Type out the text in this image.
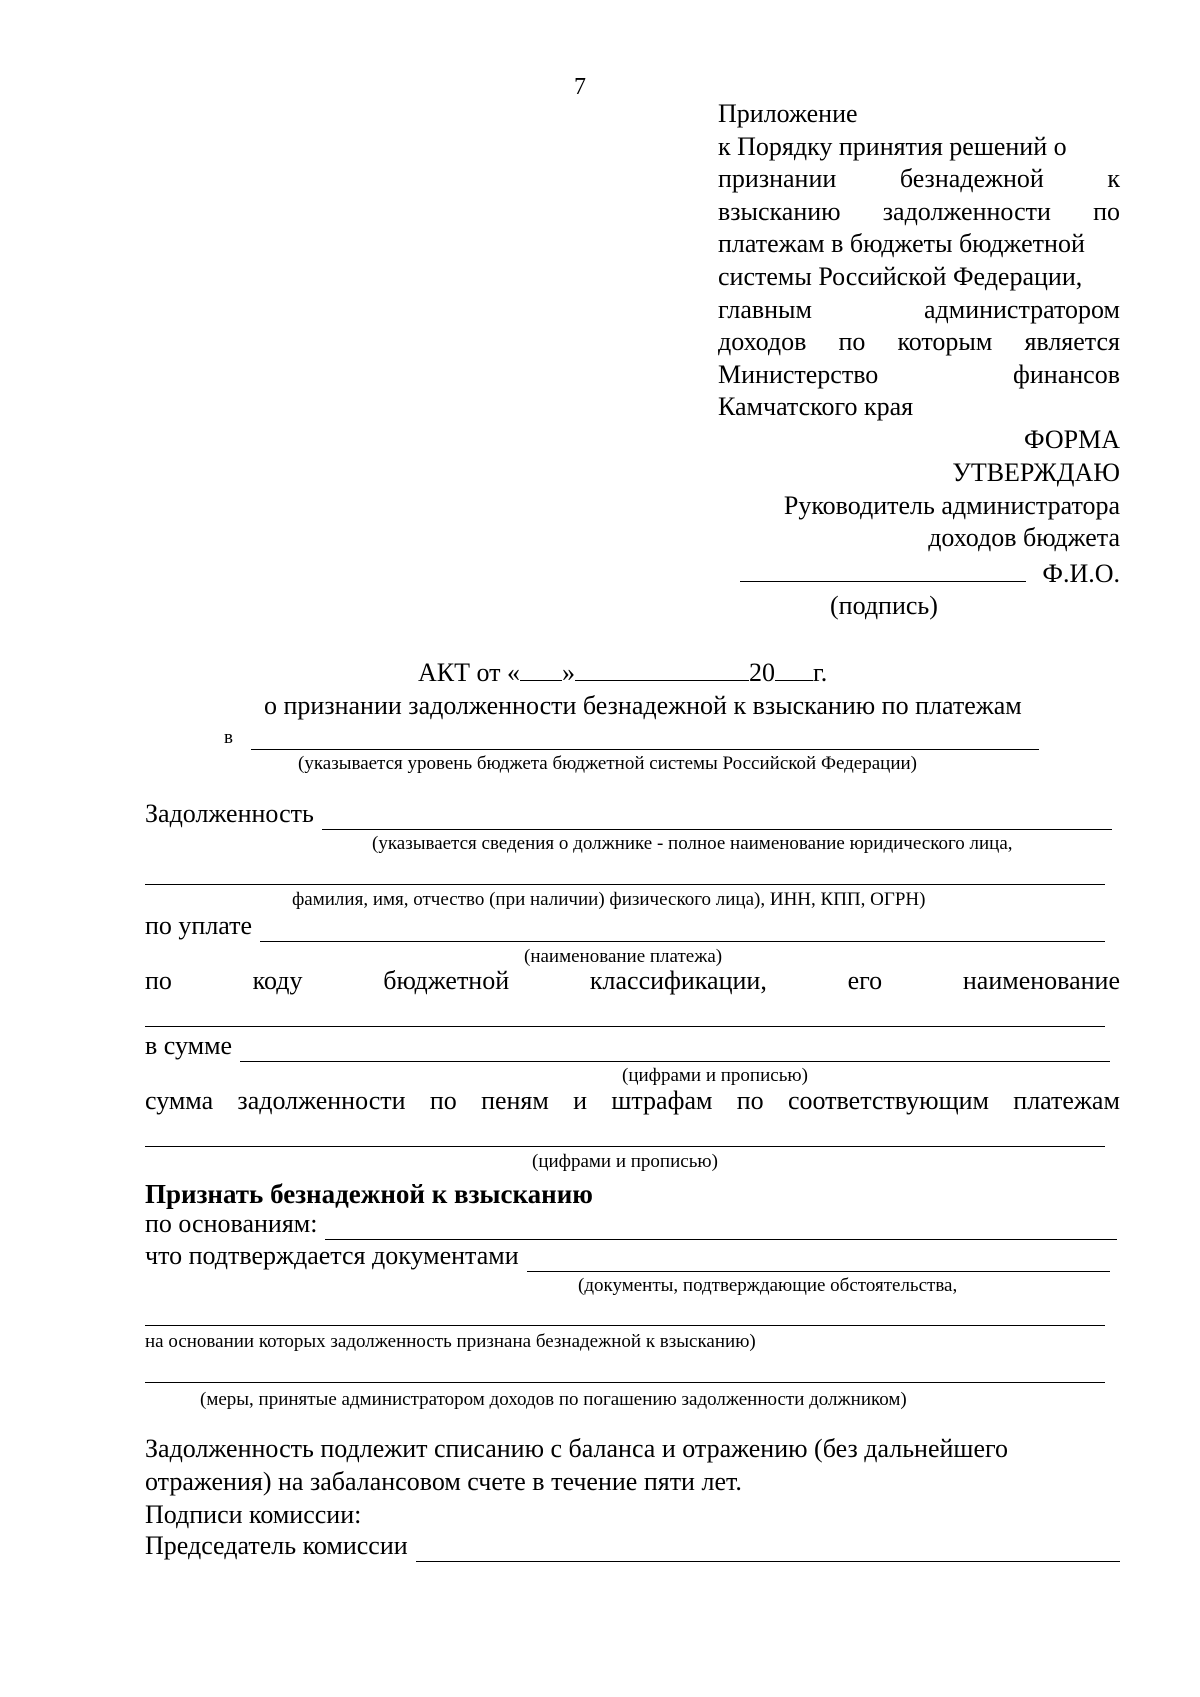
7
Приложение
к Порядку принятия решений о
признании безнадежной к
взысканию задолженности по
платежам в бюджеты бюджетной
системы Российской Федерации,
главным	администратором
доходов по которым является
Министерство	финансов
Камчатского края
ФОРМА
УТВЕРЖДАЮ
Руководитель администратора
доходов бюджета
Ф.И.О.
(подпись)
АКТ от « »	20 г.
о признании задолженности безнадежной к взысканию по платежам
в
(указывается уровень бюджета бюджетной системы Российской Федерации)
Задолженность
(указывается сведения о должнике - полное наименование юридического лица,
фамилия, имя, отчество (при наличии) физического лица), ИНН, КПП, ОГРН)
по уплате
(наименование платежа)
по	коду	бюджетной	классификации,	его	наименование
в сумме
(цифрами и прописью)
сумма задолженности по пеням и штрафам по соответствующим платежам
(цифрами и прописью)
Признать безнадежной к взысканию
по основаниям:
что подтверждается документами
(документы, подтверждающие обстоятельства,
на основании которых задолженность признана безнадежной к взысканию)
(меры, принятые администратором доходов по погашению задолженности должником)
Задолженность подлежит списанию с баланса и отражению (без дальнейшего
отражения) на забалансовом счете в течение пяти лет.
Подписи комиссии:
Председатель комиссии
